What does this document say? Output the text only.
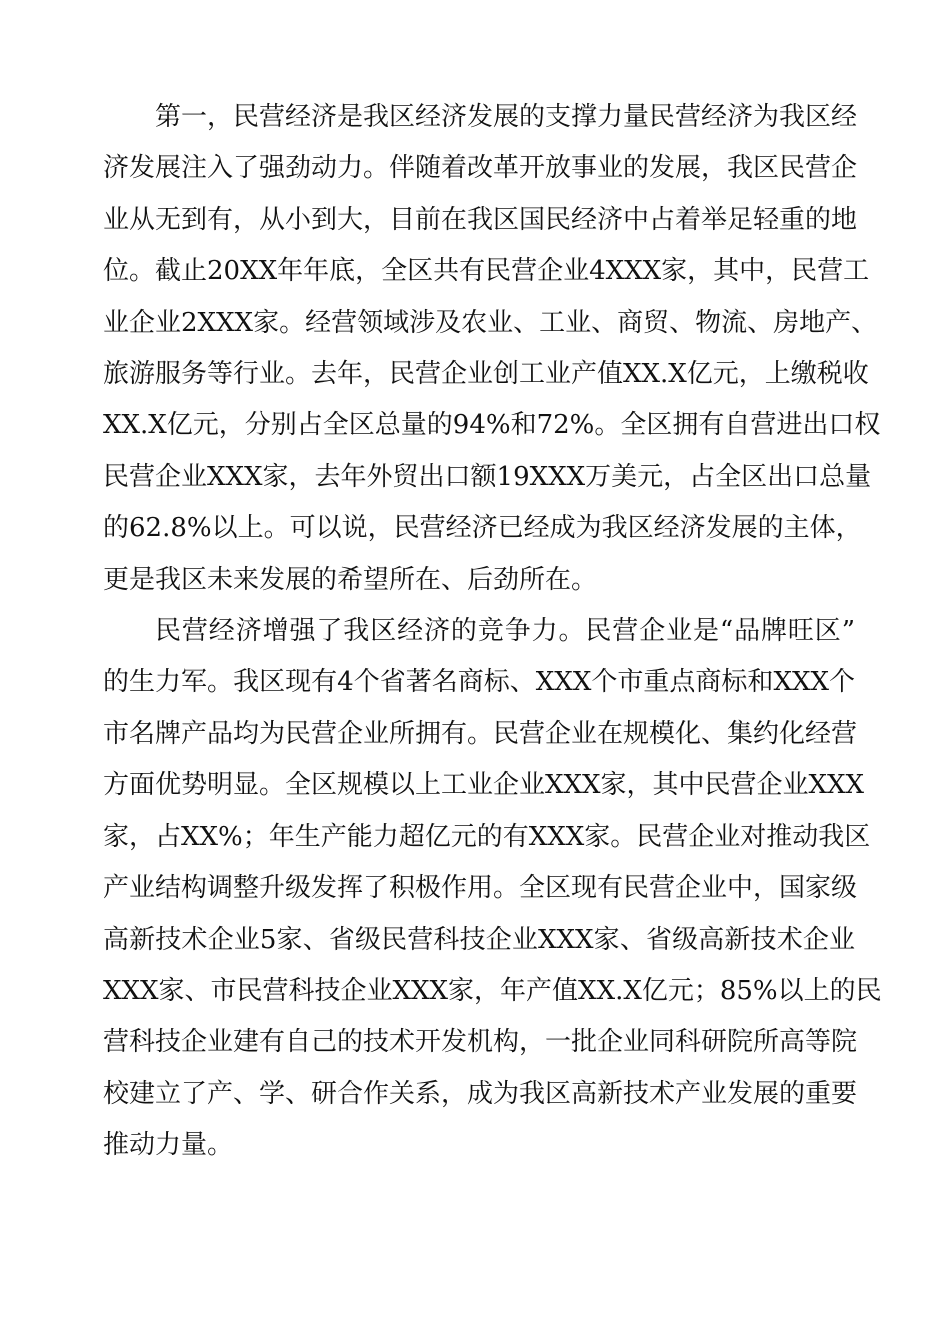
第一，民营经济是我区经济发展的支撑力量民营经济为我区经
济发展注入了强劲动力。伴随着改革开放事业的发展，我区民营企
业从无到有，从小到大，目前在我区国民经济中占着举足轻重的地
位。截止20XX年年底，全区共有民营企业4XXX家，其中，民营工
业企业2XXX家。经营领域涉及农业、工业、商贸、物流、房地产、
旅游服务等行业。去年，民营企业创工业产值XX.X亿元，上缴税收
XX.X亿元，分别占全区总量的94%和72%。全区拥有自营进出口权
民营企业XXX家，去年外贸出口额19XXX万美元，占全区出口总量
的62.8%以上。可以说，民营经济已经成为我区经济发展的主体，
更是我区未来发展的希望所在、后劲所在。

民营经济增强了我区经济的竞争力。民营企业是“品牌旺区”
的生力军。我区现有4个省著名商标、XXX个市重点商标和XXX个
市名牌产品均为民营企业所拥有。民营企业在规模化、集约化经营
方面优势明显。全区规模以上工业企业XXX家，其中民营企业XXX
家，占XX%；年生产能力超亿元的有XXX家。民营企业对推动我区
产业结构调整升级发挥了积极作用。全区现有民营企业中，国家级
高新技术企业5家、省级民营科技企业XXX家、省级高新技术企业
XXX家、市民营科技企业XXX家，年产值XX.X亿元；85%以上的民
营科技企业建有自己的技术开发机构，一批企业同科研院所高等院
校建立了产、学、研合作关系，成为我区高新技术产业发展的重要
推动力量。
